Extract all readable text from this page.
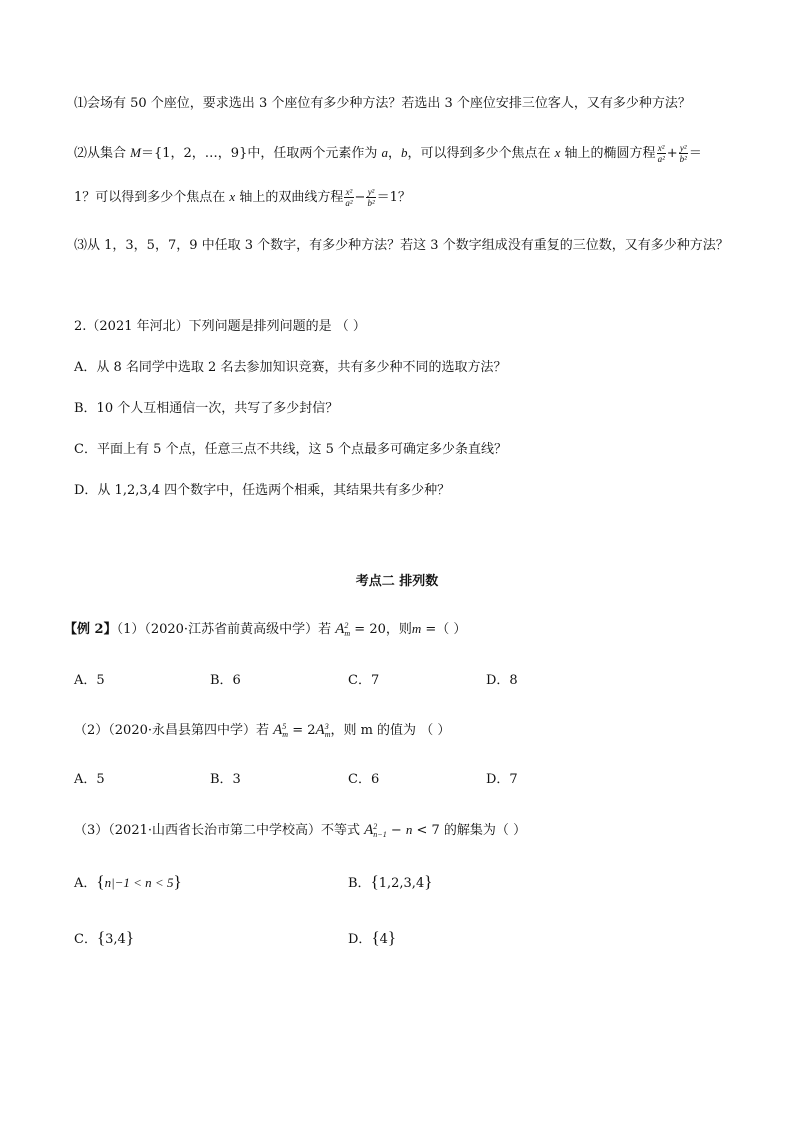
⑴会场有 50 个座位，要求选出 3 个座位有多少种方法？若选出 3 个座位安排三位客人，又有多少种方法？
⑵从集合 M＝{1，2，…，9}中，任取两个元素作为 a，b，可以得到多少个焦点在 x 轴上的椭圆方程 $\frac{\text{x²}}{\text{a²}} + \frac{\text{y²}}{\text{b²}}$ ＝
1？可以得到多少个焦点在 x 轴上的双曲线方程 $\frac{\text{x²}}{\text{a²}} - \frac{\text{y²}}{\text{b²}} =1$？
⑶从 1，3，5，7，9 中任取 3 个数字，有多少种方法？若这 3 个数字组成没有重复的三位数，又有多少种方法？
2.（2021 年河北）下列问题是排列问题的是 （ ）
A．从 8 名同学中选取 2 名去参加知识竞赛，共有多少种不同的选取方法？
B．10 个人互相通信一次，共写了多少封信？
C．平面上有 5 个点，任意三点不共线，这 5 个点最多可确定多少条直线？
D．从 1,2,3,4 四个数字中，任选两个相乘，其结果共有多少种？
考点二 排列数
【例 2】（1）（2020·江苏省前黄高级中学）若 A 2
m = 20，则m =（ ）
A．5	B．6	C．7	D．8
（2）（2020·永昌县第四中学）若 A 5
m = 2A 3
m ，则 m 的值为 （ ）
A．5	B．3	C．6	D．7
（3）（2021·山西省长治市第二中学校高）不等式 A 2
n−1 − n < 7 的解集为（ ）
A．{n|−1 < n < 5}	B．{1,2,3,4}
C．{3,4}	D．{4}
